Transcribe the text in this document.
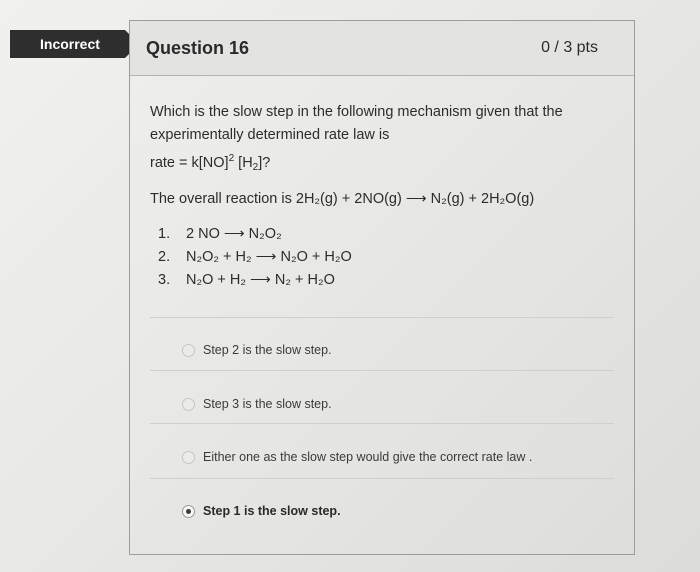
Incorrect	Question 16	0 / 3 pts

Which is the slow step in the following mechanism given that the
experimentally determined rate law is
rate = k[NO]$^2$ $[H_2]$?

The overall reaction is 2H₂(g) + 2NO(g) ⟶ N₂(g) + 2H₂O(g)

1.	2 NO ⟶ N₂O₂
2.	N₂O₂ + H₂ ⟶ N₂O + H₂O
3.	N₂O + H₂ ⟶ N₂ + H₂O
Step 2 is the slow step.
Step 3 is the slow step.
Either one as the slow step would give the correct rate law .
Step 1 is the slow step.
